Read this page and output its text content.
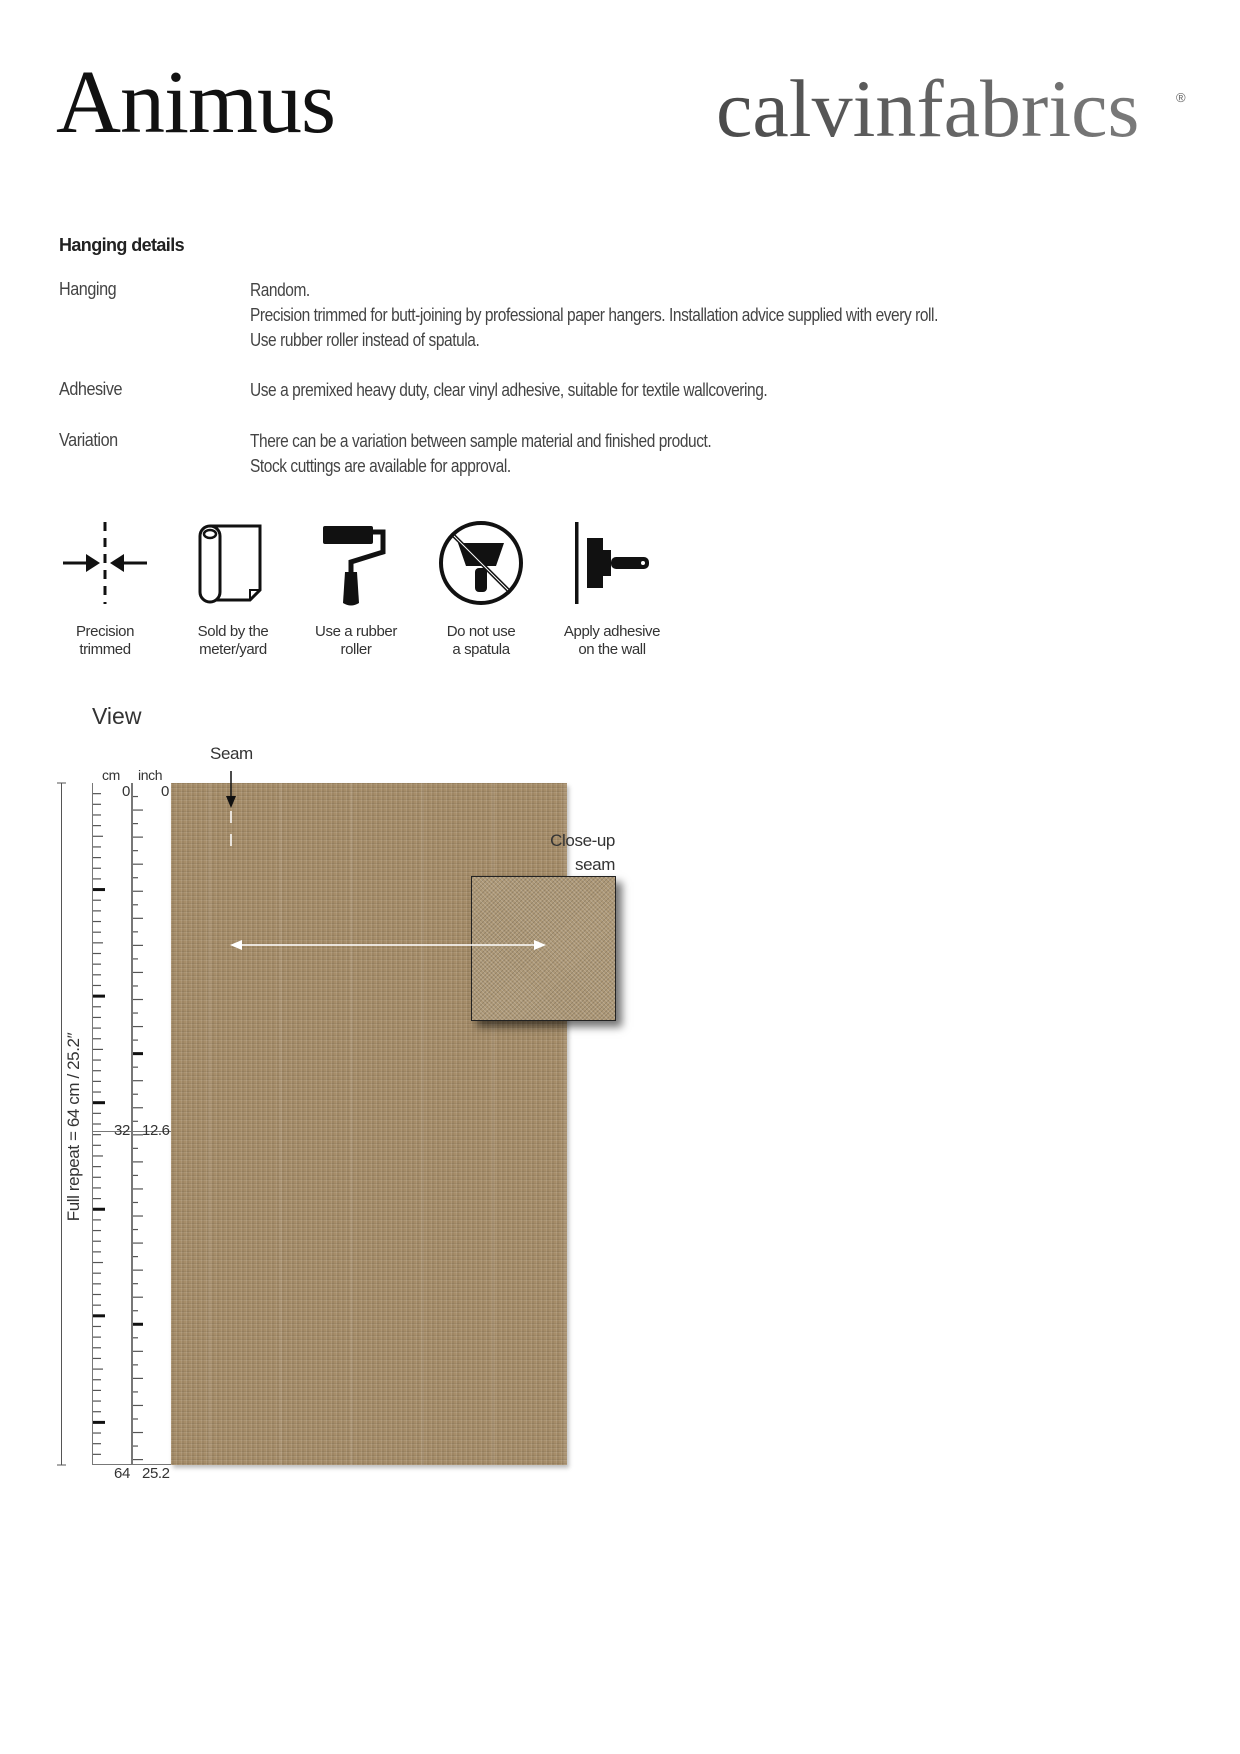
Animus	calvinfabrics	®
Hanging details
Hanging	Random.
Precision trimmed for butt-joining by professional paper hangers. Installation advice supplied with every roll.
Use rubber roller instead of spatula.
Adhesive	Use a premixed heavy duty, clear vinyl adhesive, suitable for textile wallcovering.
Variation	There can be a variation between sample material and finished product.
Stock cuttings are available for approval.
Precision
trimmed
Sold by the
meter/yard
Use a rubber
roller
Do not use
a spatula
Apply adhesive
on the wall
View
Seam
Close-up
seam
Full repeat = 64 cm / 25.2″
cm inch
0 0
32 12.6
64 25.2
